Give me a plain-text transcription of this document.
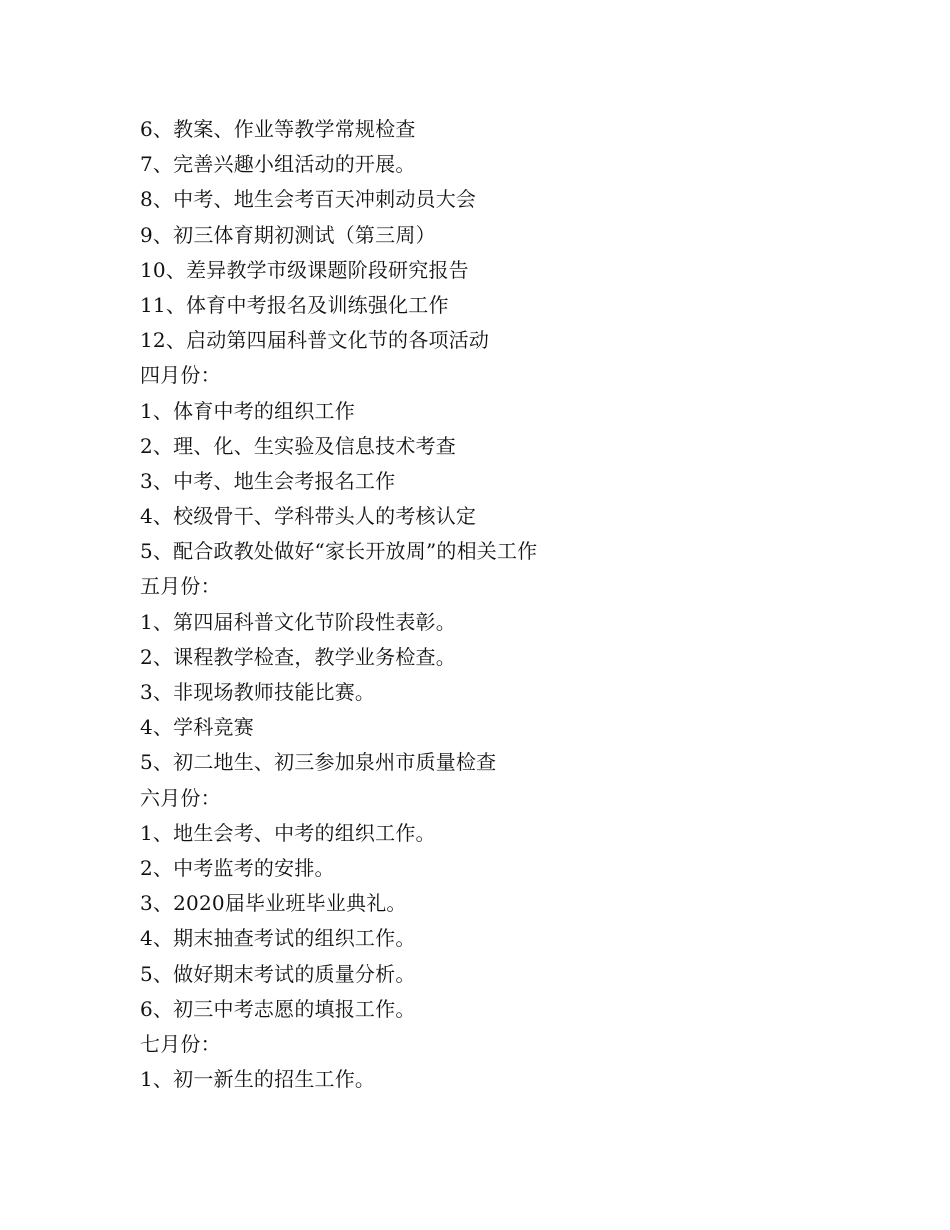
6、教案、作业等教学常规检查
7、完善兴趣小组活动的开展。
8、中考、地生会考百天冲刺动员大会
9、初三体育期初测试（第三周）
10、差异教学市级课题阶段研究报告
11、体育中考报名及训练强化工作
12、启动第四届科普文化节的各项活动
四月份：
1、体育中考的组织工作
2、理、化、生实验及信息技术考查
3、中考、地生会考报名工作
4、校级骨干、学科带头人的考核认定
5、配合政教处做好“家长开放周”的相关工作
五月份：
1、第四届科普文化节阶段性表彰。
2、课程教学检查，教学业务检查。
3、非现场教师技能比赛。
4、学科竞赛
5、初二地生、初三参加泉州市质量检查
六月份：
1、地生会考、中考的组织工作。
2、中考监考的安排。
3、2020届毕业班毕业典礼。
4、期末抽查考试的组织工作。
5、做好期末考试的质量分析。
6、初三中考志愿的填报工作。
七月份：
1、初一新生的招生工作。
